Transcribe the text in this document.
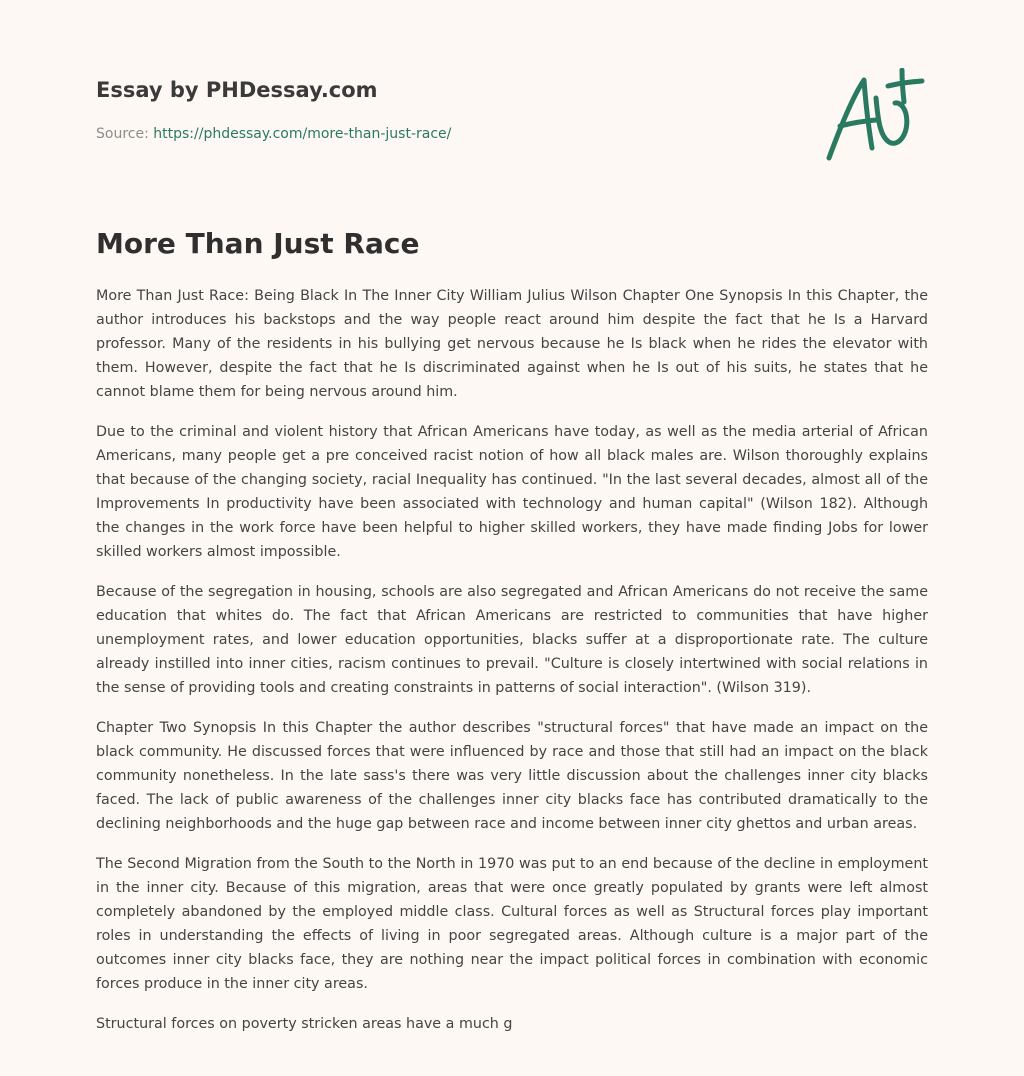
Essay by PHDessay.com
Source: https://phdessay.com/more-than-just-race/
More Than Just Race

More Than Just Race: Being Black In The Inner City William Julius Wilson Chapter One Synopsis In this Chapter, the author introduces his backstops and the way people react around him despite the fact that he Is a Harvard professor. Many of the residents in his bullying get nervous because he Is black when he rides the elevator with them. However, despite the fact that he Is discriminated against when he Is out of his suits, he states that he cannot blame them for being nervous around him.

Due to the criminal and violent history that African Americans have today, as well as the media arterial of African Americans, many people get a pre conceived racist notion of how all black males are. Wilson thoroughly explains that because of the changing society, racial Inequality has continued. "In the last several decades, almost all of the Improvements In productivity have been associated with technology and human capital" (Wilson 182). Although the changes in the work force have been helpful to higher skilled workers, they have made finding Jobs for lower skilled workers almost impossible.

Because of the segregation in housing, schools are also segregated and African Americans do not receive the same education that whites do. The fact that African Americans are restricted to communities that have higher unemployment rates, and lower education opportunities, blacks suffer at a disproportionate rate. The culture already instilled into inner cities, racism continues to prevail. "Culture is closely intertwined with social relations in the sense of providing tools and creating constraints in patterns of social interaction". (Wilson 319).

Chapter Two Synopsis In this Chapter the author describes "structural forces" that have made an impact on the black community. He discussed forces that were influenced by race and those that still had an impact on the black community nonetheless. In the late sass's there was very little discussion about the challenges inner city blacks faced. The lack of public awareness of the challenges inner city blacks face has contributed dramatically to the declining neighborhoods and the huge gap between race and income between inner city ghettos and urban areas.

The Second Migration from the South to the North in 1970 was put to an end because of the decline in employment in the inner city. Because of this migration, areas that were once greatly populated by grants were left almost completely abandoned by the employed middle class. Cultural forces as well as Structural forces play important roles in understanding the effects of living in poor segregated areas. Although culture is a major part of the outcomes inner city blacks face, they are nothing near the impact political forces in combination with economic forces produce in the inner city areas.

Structural forces on poverty stricken areas have a much g
